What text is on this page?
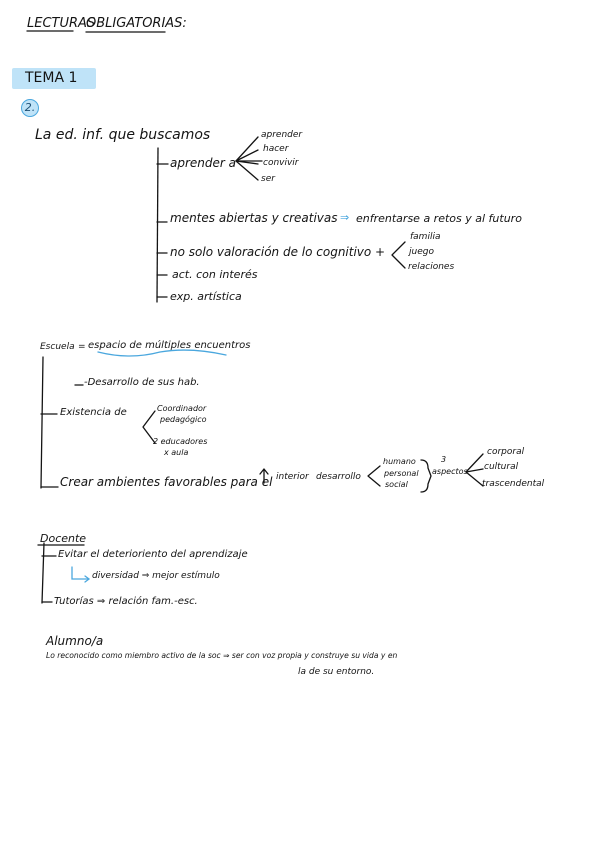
LECTURAS
OBLIGATORIAS:
TEMA 1
2.
La ed. inf. que buscamos
aprender a
aprender
hacer
convivir
ser
mentes abiertas y creativas ⇒ enfrentarse a retos y al futuro
no solo valoración de lo cognitivo +
familia
juego
relaciones
act. con interés
exp. artística
Escuela = espacio de múltiples encuentros
-Desarrollo de sus hab.
Existencia de	Coordinador
pedagógico
2 educadores
x aula
Crear ambientes favorables para el interior desarrollo
humano
personal
social
3
aspectos
corporal
cultural
trascendental
Docente
Evitar el deterioriento del aprendizaje
diversidad ⇒ mejor estímulo
Tutorías ⇒ relación fam.-esc.
Alumno/a
Lo reconocido como miembro activo de la soc ⇒ ser con voz propia y construye su vida y en
la de su entorno.
